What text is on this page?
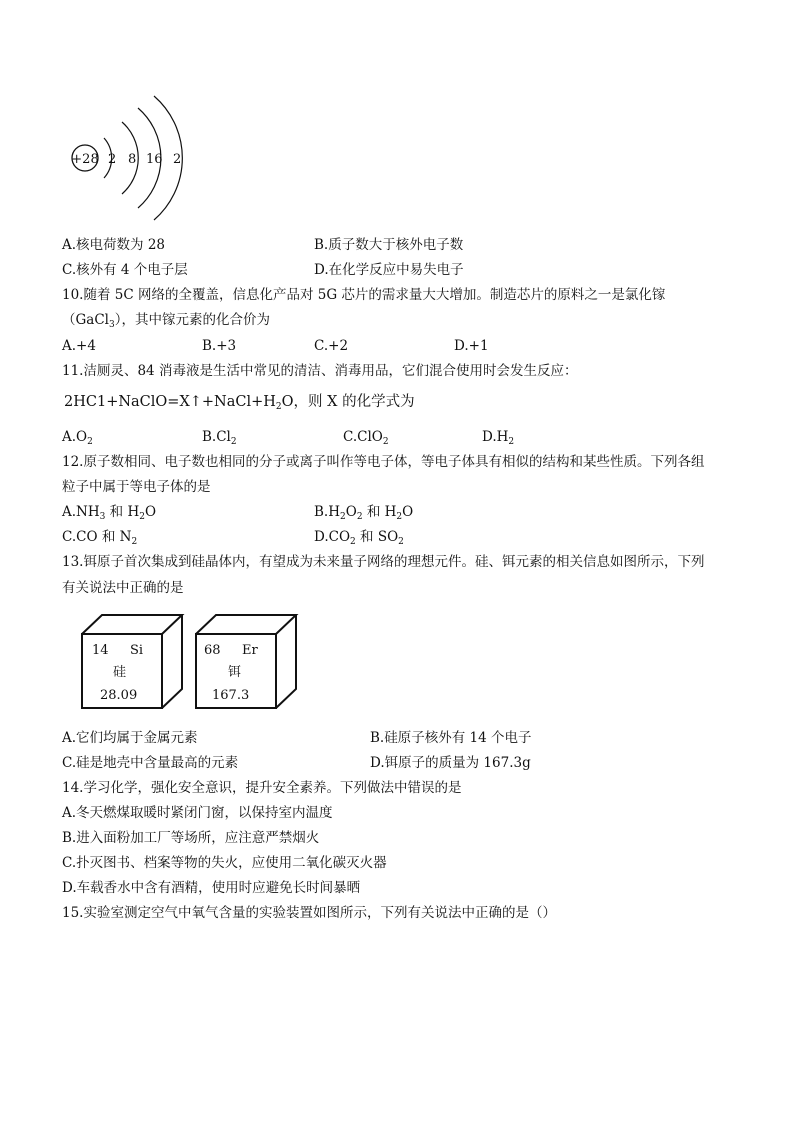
+28 2 8 16 2
A.核电荷数为 28	B.质子数大于核外电子数
C.核外有 4 个电子层	D.在化学反应中易失电子
10.随着 5C 网络的全覆盖，信息化产品对 5G 芯片的需求量大大增加。制造芯片的原料之一是氯化镓
（GaCl$_3$），其中镓元素的化合价为
A.+4	B.+3	C.+2	D.+1
11.洁厕灵、84 消毒液是生活中常见的清洁、消毒用品，它们混合使用时会发生反应：
$2HC1+NaClO=X↑+NaCl+H_2O$，则 X 的化学式为
$A.O_2$	$B.Cl_2$	C.ClO$_2$	$D.H_2$
12.原子数相同、电子数也相同的分子或离子叫作等电子体，等电子体具有相似的结构和某些性质。下列各组
粒子中属于等电子体的是
$A.NH_3$ 和 $H_2O$	$B.H_2O_2$ 和 $H_2O$
C.CO 和 $N_2$	$D.CO_2$ 和 $SO_2$
13.铒原子首次集成到硅晶体内，有望成为未来量子网络的理想元件。硅、铒元素的相关信息如图所示，下列
有关说法中正确的是
14 Si
硅
28.09
68 Er
铒
167.3
A.它们均属于金属元素	B.硅原子核外有 14 个电子
C.硅是地壳中含量最高的元素	D.铒原子的质量为 167.3g
14.学习化学，强化安全意识，提升安全素养。下列做法中错误的是
A.冬天燃煤取暖时紧闭门窗，以保持室内温度
B.进入面粉加工厂等场所，应注意严禁烟火
C.扑灭图书、档案等物的失火，应使用二氧化碳灭火器
D.车载香水中含有酒精，使用时应避免长时间暴晒
15.实验室测定空气中氧气含量的实验装置如图所示，下列有关说法中正确的是（）
